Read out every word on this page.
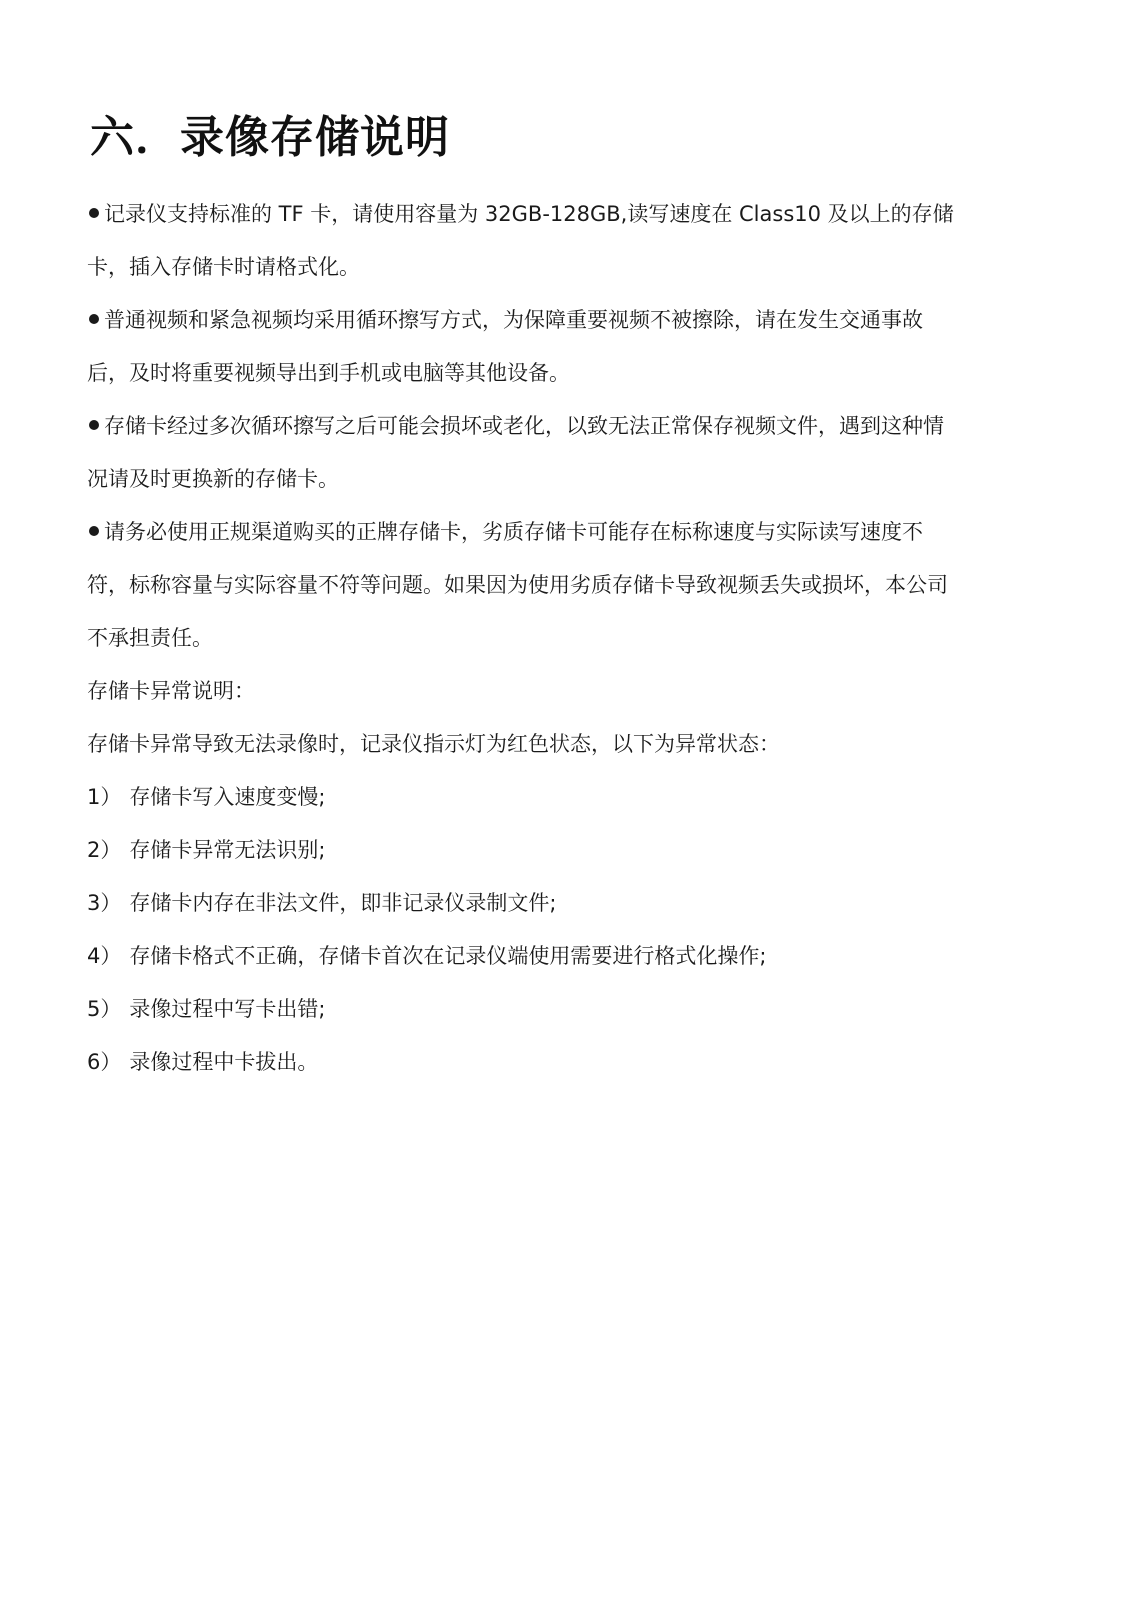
六．录像存储说明

记录仪支持标准的 TF 卡，请使用容量为 32GB-128GB,读写速度在 Class10 及以上的存储卡，插入存储卡时请格式化。

普通视频和紧急视频均采用循环擦写方式，为保障重要视频不被擦除，请在发生交通事故后，及时将重要视频导出到手机或电脑等其他设备。

存储卡经过多次循环擦写之后可能会损坏或老化，以致无法正常保存视频文件，遇到这种情况请及时更换新的存储卡。

请务必使用正规渠道购买的正牌存储卡，劣质存储卡可能存在标称速度与实际读写速度不符，标称容量与实际容量不符等问题。如果因为使用劣质存储卡导致视频丢失或损坏，本公司不承担责任。

存储卡异常说明：

存储卡异常导致无法录像时，记录仪指示灯为红色状态，以下为异常状态：

1） 存储卡写入速度变慢;

2） 存储卡异常无法识别;

3） 存储卡内存在非法文件，即非记录仪录制文件;

4） 存储卡格式不正确，存储卡首次在记录仪端使用需要进行格式化操作;

5） 录像过程中写卡出错;

6） 录像过程中卡拔出。
